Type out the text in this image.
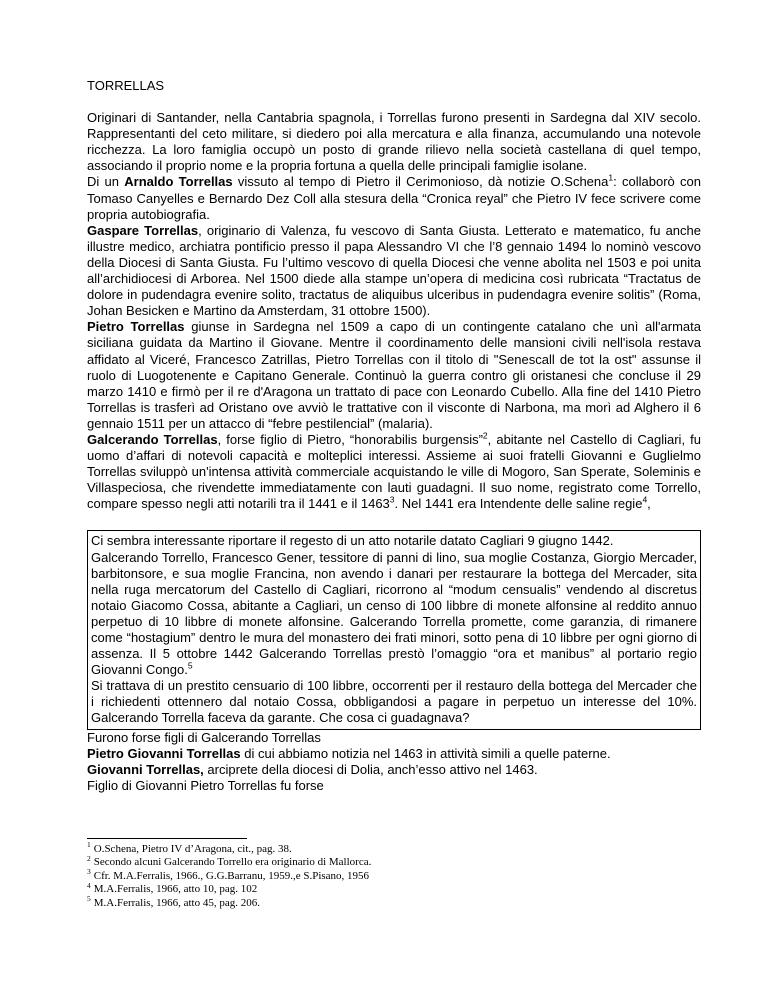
TORRELLAS

Originari di Santander, nella Cantabria spagnola, i Torrellas furono presenti in Sardegna dal XIV secolo. Rappresentanti del ceto militare, si diedero poi alla mercatura e alla finanza, accumulando una notevole ricchezza. La loro famiglia occupò un posto di grande rilievo nella società castellana di quel tempo, associando il proprio nome e la propria fortuna a quella delle principali famiglie isolane.

Di un Arnaldo Torrellas vissuto al tempo di Pietro il Cerimonioso, dà notizie O.Schena$^1$: collaborò con Tomaso Canyelles e Bernardo Dez Coll alla stesura della “Cronica reyal” che Pietro IV fece scrivere come propria autobiografia.

Gaspare Torrellas, originario di Valenza, fu vescovo di Santa Giusta. Letterato e matematico, fu anche illustre medico, archiatra pontificio presso il papa Alessandro VI che l’8 gennaio 1494 lo nominò vescovo della Diocesi di Santa Giusta. Fu l’ultimo vescovo di quella Diocesi che venne abolita nel 1503 e poi unita all’archidiocesi di Arborea. Nel 1500 diede alla stampe un’opera di medicina così rubricata “Tractatus de dolore in pudendagra evenire solito, tractatus de aliquibus ulceribus in pudendagra evenire solitis” (Roma, Johan Besicken e Martino da Amsterdam, 31 ottobre 1500).

Pietro Torrellas giunse in Sardegna nel 1509 a capo di un contingente catalano che unì all'armata siciliana guidata da Martino il Giovane. Mentre il coordinamento delle mansioni civili nell'isola restava affidato al Viceré, Francesco Zatrillas, Pietro Torrellas con il titolo di "Senescall de tot la ost" assunse il ruolo di Luogotenente e Capitano Generale. Continuò la guerra contro gli oristanesi che concluse il 29 marzo 1410 e firmò per il re d'Aragona un trattato di pace con Leonardo Cubello. Alla fine del 1410 Pietro Torrellas is trasferì ad Oristano ove avviò le trattative con il visconte di Narbona, ma morì ad Alghero il 6 gennaio 1511 per un attacco di “febre pestilencial” (malaria).

Galcerando Torrellas, forse figlio di Pietro, “honorabilis burgensis”$^2$, abitante nel Castello di Cagliari, fu uomo d’affari di notevoli capacità e molteplici interessi. Assieme ai suoi fratelli Giovanni e Guglielmo Torrellas sviluppò un'intensa attività commerciale acquistando le ville di Mogoro, San Sperate, Soleminis e Villaspeciosa, che rivendette immediatamente con lauti guadagni. Il suo nome, registrato come Torrello, compare spesso negli atti notarili tra il 1441 e il 1463$^3$. Nel 1441 era Intendente delle saline regie$^4$,

Ci sembra interessante riportare il regesto di un atto notarile datato Cagliari 9 giugno 1442.

Galcerando Torrello, Francesco Gener, tessitore di panni di lino, sua moglie Costanza, Giorgio Mercader, barbitonsore, e sua moglie Francina, non avendo i danari per restaurare la bottega del Mercader, sita nella ruga mercatorum del Castello di Cagliari, ricorrono al “modum censualis” vendendo al discretus notaio Giacomo Cossa, abitante a Cagliari, un censo di 100 libbre di monete alfonsine al reddito annuo perpetuo di 10 libbre di monete alfonsine. Galcerando Torrella promette, come garanzia, di rimanere come “hostagium” dentro le mura del monastero dei frati minori, sotto pena di 10 libbre per ogni giorno di assenza. Il 5 ottobre 1442 Galcerando Torrellas prestò l’omaggio “ora et manibus” al portario regio Giovanni Congo.$^5$

Si trattava di un prestito censuario di 100 libbre, occorrenti per il restauro della bottega del Mercader che i richiedenti ottennero dal notaio Cossa, obbligandosi a pagare in perpetuo un interesse del 10%. Galcerando Torrella faceva da garante. Che cosa ci guadagnava?

Furono forse figli di Galcerando Torrellas

Pietro Giovanni Torrellas di cui abbiamo notizia nel 1463 in attività simili a quelle paterne.

Giovanni Torrellas, arciprete della diocesi di Dolia, anch’esso attivo nel 1463.

Figlio di Giovanni Pietro Torrellas fu forse

$^1$ O.Schena, Pietro IV d’Aragona, cit., pag. 38.
$^2$ Secondo alcuni Galcerando Torrello era originario di Mallorca.
$^3$ Cfr. M.A.Ferralis, 1966., G.G.Barranu, 1959.,e S.Pisano, 1956
$^4$ M.A.Ferralis, 1966, atto 10, pag. 102
$^5$ M.A.Ferralis, 1966, atto 45, pag. 206.
